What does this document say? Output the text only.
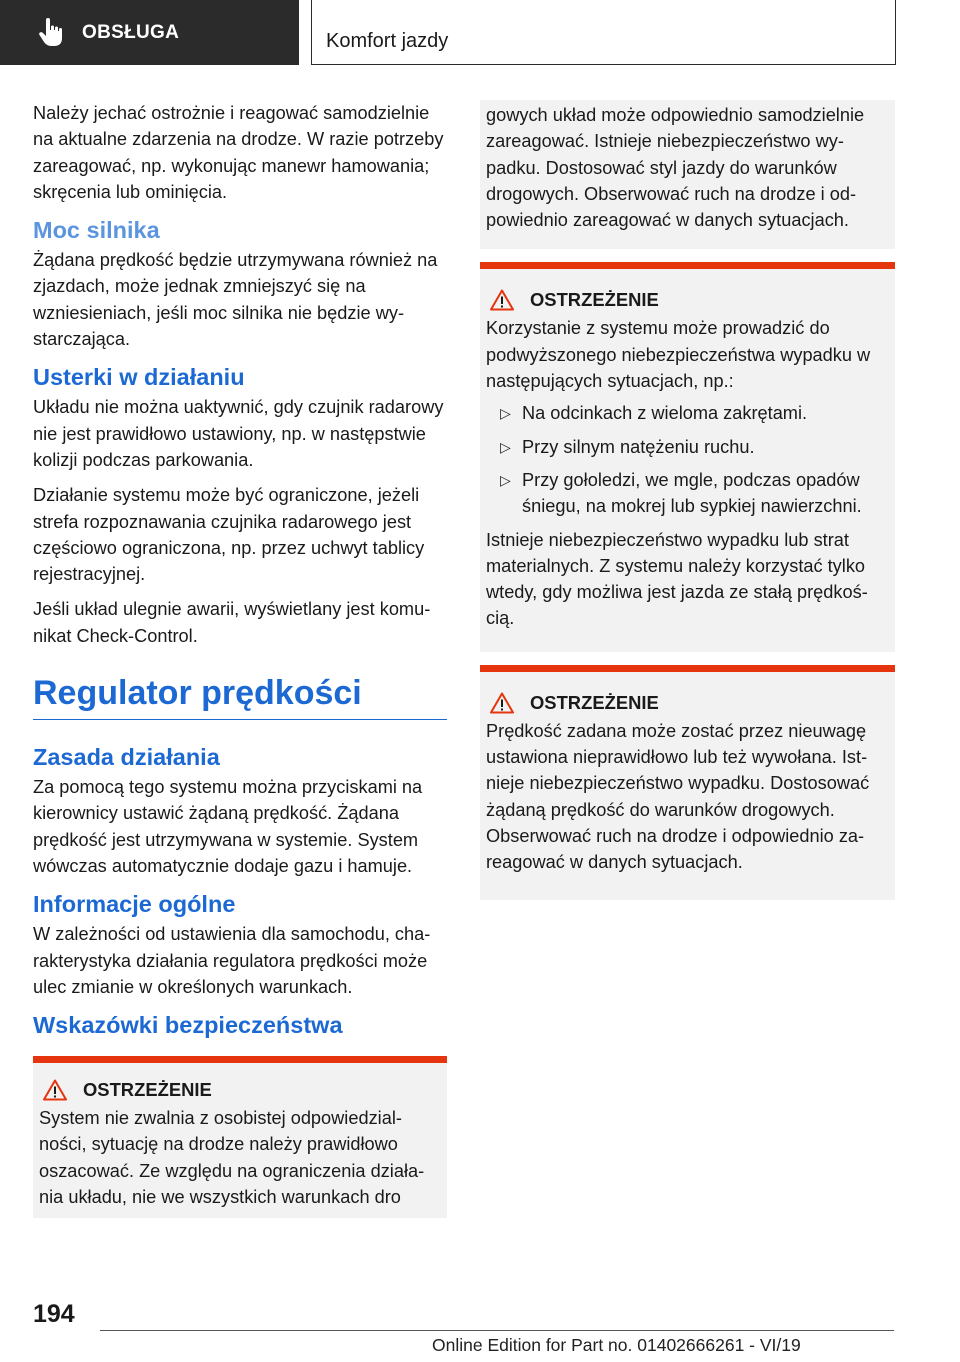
OBSŁUGA	Komfort jazdy

Należy jechać ostrożnie i reagować samodzielnie na aktualne zdarzenia na drodze. W razie potrzeby zareagować, np. wykonując manewr hamowania; skręcenia lub ominięcia.

Moc silnika

Żądana prędkość będzie utrzymywana również na zjazdach, może jednak zmniejszyć się na wzniesieniach, jeśli moc silnika nie będzie wystarczająca.

Usterki w działaniu

Układu nie można uaktywnić, gdy czujnik radarowy nie jest prawidłowo ustawiony, np. w następstwie kolizji podczas parkowania.

Działanie systemu może być ograniczone, jeżeli strefa rozpoznawania czujnika radarowego jest częściowo ograniczona, np. przez uchwyt tablicy rejestracyjnej.

Jeśli układ ulegnie awarii, wyświetlany jest komunikat Check-Control.

Regulator prędkości
Zasada działania

Za pomocą tego systemu można przyciskami na kierownicy ustawić żądaną prędkość. Żądana prędkość jest utrzymywana w systemie. System wówczas automatycznie dodaje gazu i hamuje.

Informacje ogólne

W zależności od ustawienia dla samochodu, charakterystyka działania regulatora prędkości może ulec zmianie w określonych warunkach.

Wskazówki bezpieczeństwa
OSTRZEŻENIE

System nie zwalnia z osobistej odpowiedzialności, sytuację na drodze należy prawidłowo oszacować. Ze względu na ograniczenia działania układu, nie we wszystkich warunkach dro

gowych układ może odpowiednio samodzielnie zareagować. Istnieje niebezpieczeństwo wypadku. Dostosować styl jazdy do warunków drogowych. Obserwować ruch na drodze i odpowiednio zareagować w danych sytuacjach.

OSTRZEŻENIE

Korzystanie z systemu może prowadzić do podwyższonego niebezpieczeństwa wypadku w następujących sytuacjach, np.:

▷ Na odcinkach z wieloma zakrętami.
▷ Przy silnym natężeniu ruchu.
▷ Przy gołoledzi, we mgle, podczas opadów śniegu, na mokrej lub sypkiej nawierzchni.

Istnieje niebezpieczeństwo wypadku lub strat materialnych. Z systemu należy korzystać tylko wtedy, gdy możliwa jest jazda ze stałą prędkością.

OSTRZEŻENIE

Prędkość zadana może zostać przez nieuwagę ustawiona nieprawidłowo lub też wywołana. Istnieje niebezpieczeństwo wypadku. Dostosować żądaną prędkość do warunków drogowych. Obserwować ruch na drodze i odpowiednio zareagować w danych sytuacjach.

194
Online Edition for Part no. 01402666261 - VI/19
